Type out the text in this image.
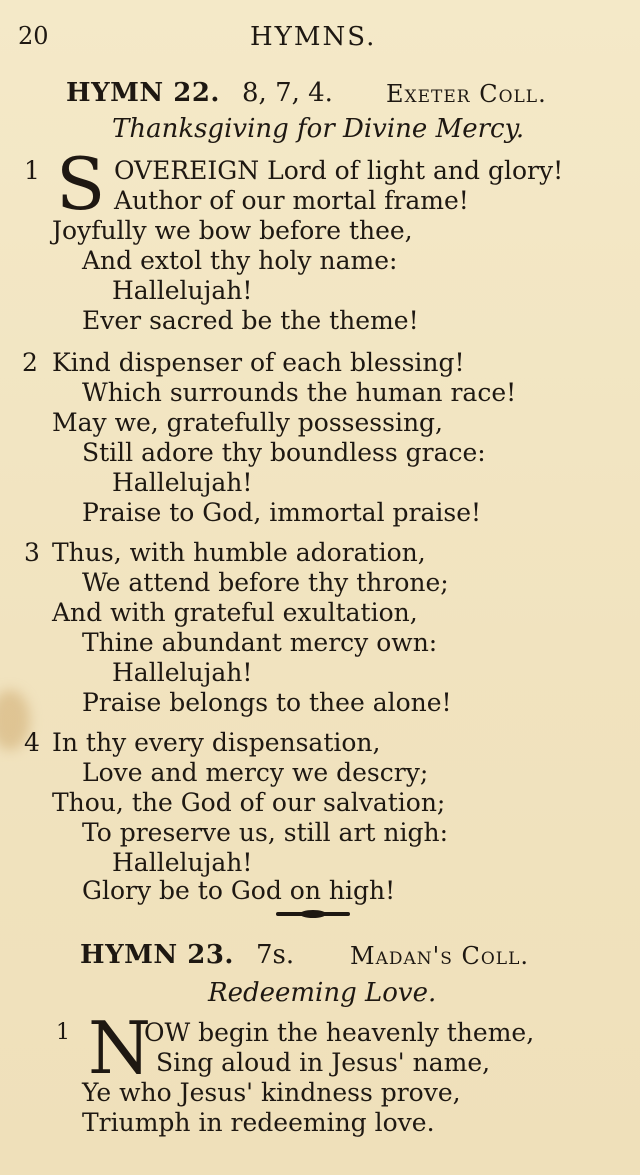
20	HYMNS.
HYMN 22. 8, 7, 4. Exeter Coll.
Thanksgiving for Divine Mercy.
1 S OVEREIGN Lord of light and glory!
Author of our mortal frame!
Joyfully we bow before thee,
And extol thy holy name:
Hallelujah!
Ever sacred be the theme!
2 Kind dispenser of each blessing!
Which surrounds the human race!
May we, gratefully possessing,
Still adore thy boundless grace:
Hallelujah!
Praise to God, immortal praise!
3 Thus, with humble adoration,
We attend before thy throne;
And with grateful exultation,
Thine abundant mercy own:
Hallelujah!
Praise belongs to thee alone!
4 In thy every dispensation,
Love and mercy we descry;
Thou, the God of our salvation;
To preserve us, still art nigh:
Hallelujah!
Glory be to God on high!
HYMN 23. 7s. Madan's Coll.
Redeeming Love.
1 N
OW begin the heavenly theme,
Sing aloud in Jesus' name,
Ye who Jesus' kindness prove,
Triumph in redeeming love.
